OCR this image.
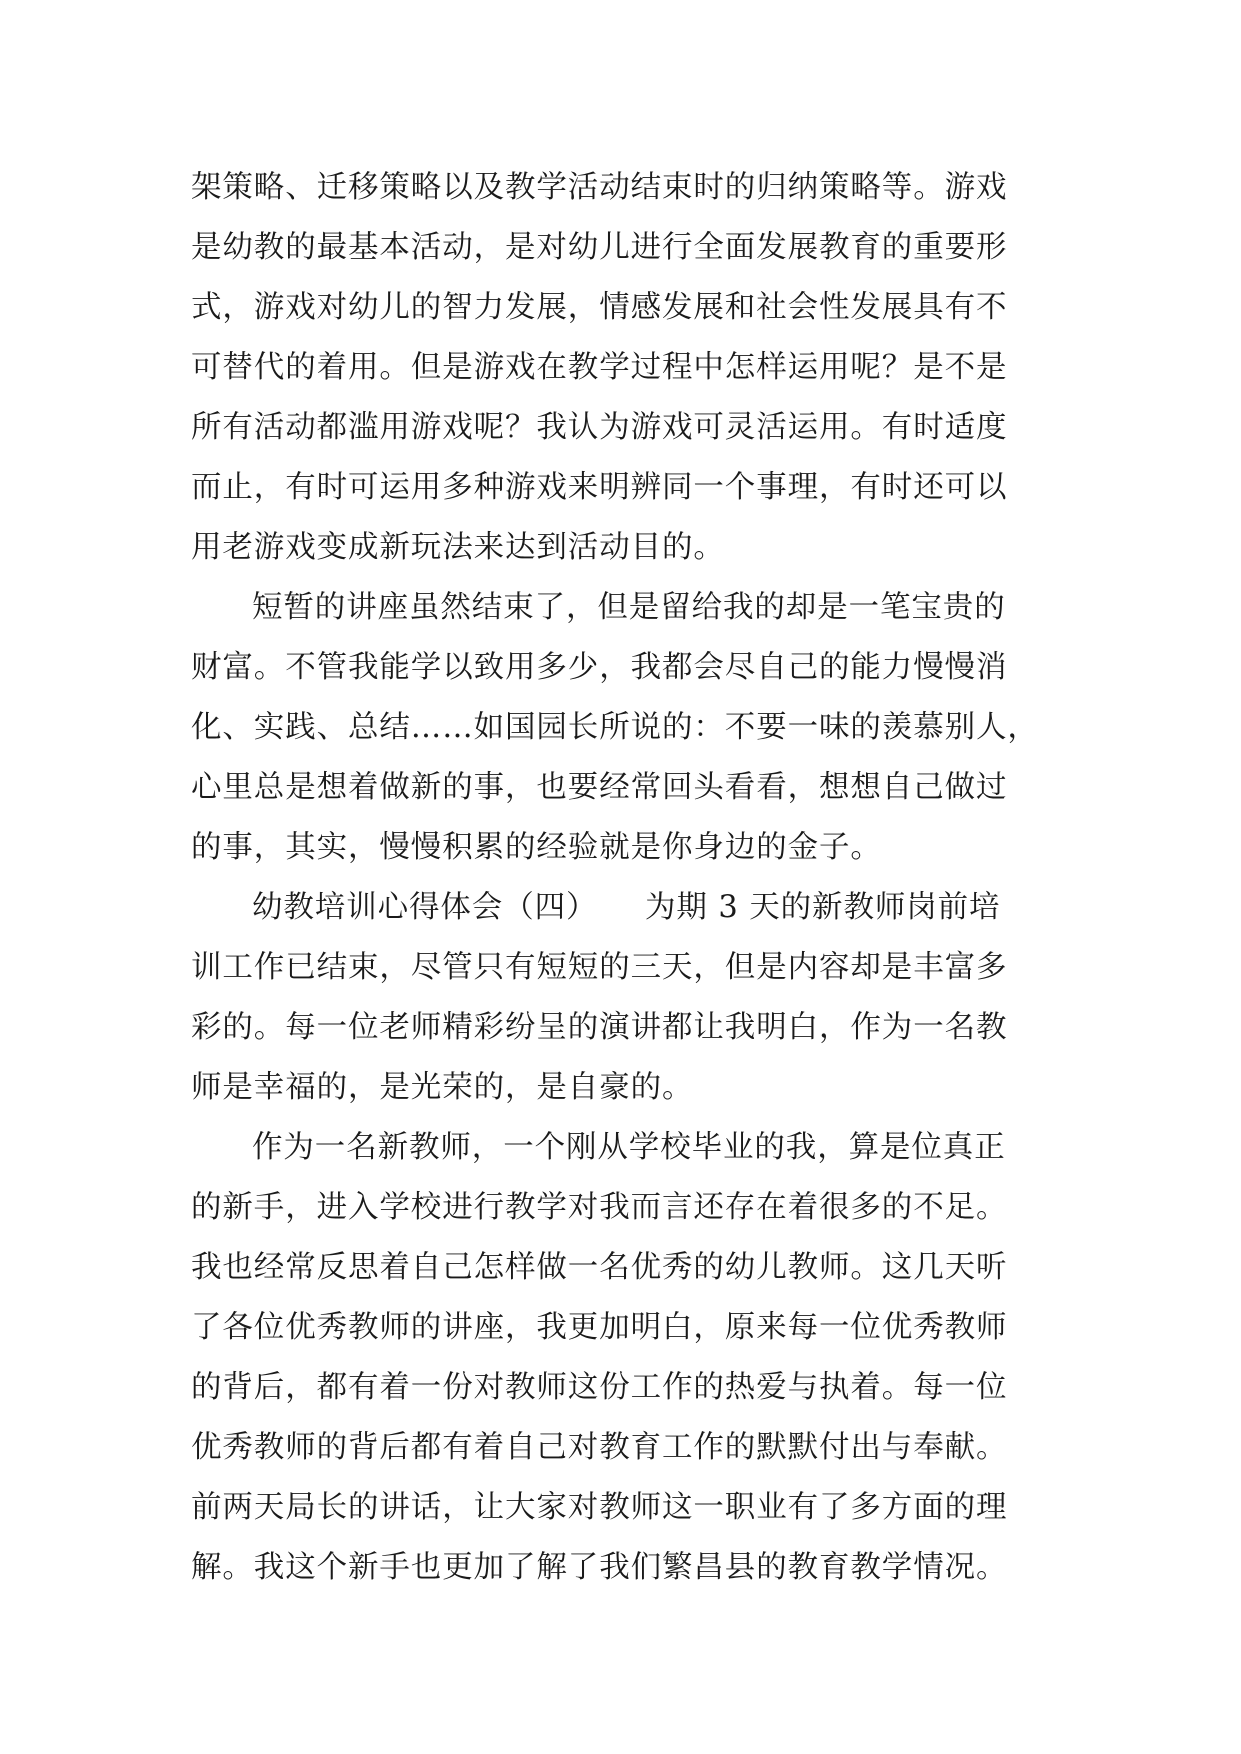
架策略、迁移策略以及教学活动结束时的归纳策略等。游戏
是幼教的最基本活动，是对幼儿进行全面发展教育的重要形
式，游戏对幼儿的智力发展，情感发展和社会性发展具有不
可替代的着用。但是游戏在教学过程中怎样运用呢？是不是
所有活动都滥用游戏呢？我认为游戏可灵活运用。有时适度
而止，有时可运用多种游戏来明辨同一个事理，有时还可以
用老游戏变成新玩法来达到活动目的。
短暂的讲座虽然结束了，但是留给我的却是一笔宝贵的
财富。不管我能学以致用多少，我都会尽自己的能力慢慢消
化、实践、总结……如国园长所说的：不要一味的羡慕别人，
心里总是想着做新的事，也要经常回头看看，想想自己做过
的事，其实，慢慢积累的经验就是你身边的金子。
幼教培训心得体会（四）　　为期 3 天的新教师岗前培
训工作已结束，尽管只有短短的三天，但是内容却是丰富多
彩的。每一位老师精彩纷呈的演讲都让我明白，作为一名教
师是幸福的，是光荣的，是自豪的。
作为一名新教师，一个刚从学校毕业的我，算是位真正
的新手，进入学校进行教学对我而言还存在着很多的不足。
我也经常反思着自己怎样做一名优秀的幼儿教师。这几天听
了各位优秀教师的讲座，我更加明白，原来每一位优秀教师
的背后，都有着一份对教师这份工作的热爱与执着。每一位
优秀教师的背后都有着自己对教育工作的默默付出与奉献。
前两天局长的讲话，让大家对教师这一职业有了多方面的理
解。我这个新手也更加了解了我们繁昌县的教育教学情况。
